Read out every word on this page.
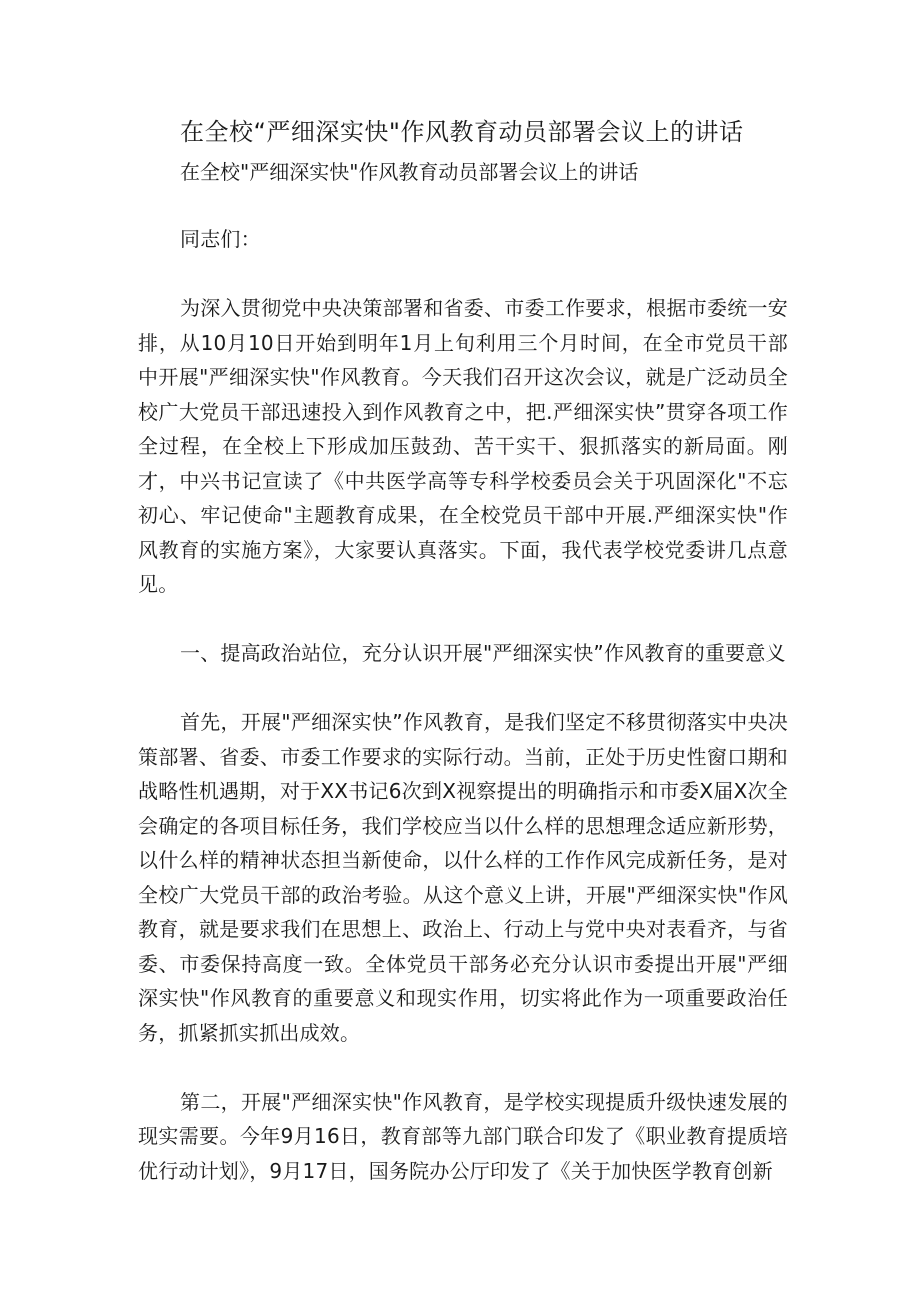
在全校“严细深实快"作风教育动员部署会议上的讲话
在全校"严细深实快"作风教育动员部署会议上的讲话

同志们：

为深入贯彻党中央决策部署和省委、市委工作要求，根据市委统一安排，从10月10日开始到明年1月上旬利用三个月时间，在全市党员干部中开展"严细深实快"作风教育。今天我们召开这次会议，就是广泛动员全校广大党员干部迅速投入到作风教育之中，把.严细深实快”贯穿各项工作全过程，在全校上下形成加压鼓劲、苦干实干、狠抓落实的新局面。刚才，中兴书记宣读了《中共医学高等专科学校委员会关于巩固深化"不忘初心、牢记使命"主题教育成果，在全校党员干部中开展.严细深实快"作风教育的实施方案》，大家要认真落实。下面，我代表学校党委讲几点意见。

一、提高政治站位，充分认识开展"严细深实快”作风教育的重要意义

首先，开展"严细深实快”作风教育，是我们坚定不移贯彻落实中央决策部署、省委、市委工作要求的实际行动。当前，正处于历史性窗口期和战略性机遇期，对于XX书记6次到X视察提出的明确指示和市委X届X次全会确定的各项目标任务，我们学校应当以什么样的思想理念适应新形势，以什么样的精神状态担当新使命，以什么样的工作作风完成新任务，是对全校广大党员干部的政治考验。从这个意义上讲，开展"严细深实快"作风教育，就是要求我们在思想上、政治上、行动上与党中央对表看齐，与省委、市委保持高度一致。全体党员干部务必充分认识市委提出开展"严细深实快"作风教育的重要意义和现实作用，切实将此作为一项重要政治任务，抓紧抓实抓出成效。

第二，开展"严细深实快"作风教育，是学校实现提质升级快速发展的现实需要。今年9月16日，教育部等九部门联合印发了《职业教育提质培优行动计划》，9月17日，国务院办公厅印发了《关于加快医学教育创新
